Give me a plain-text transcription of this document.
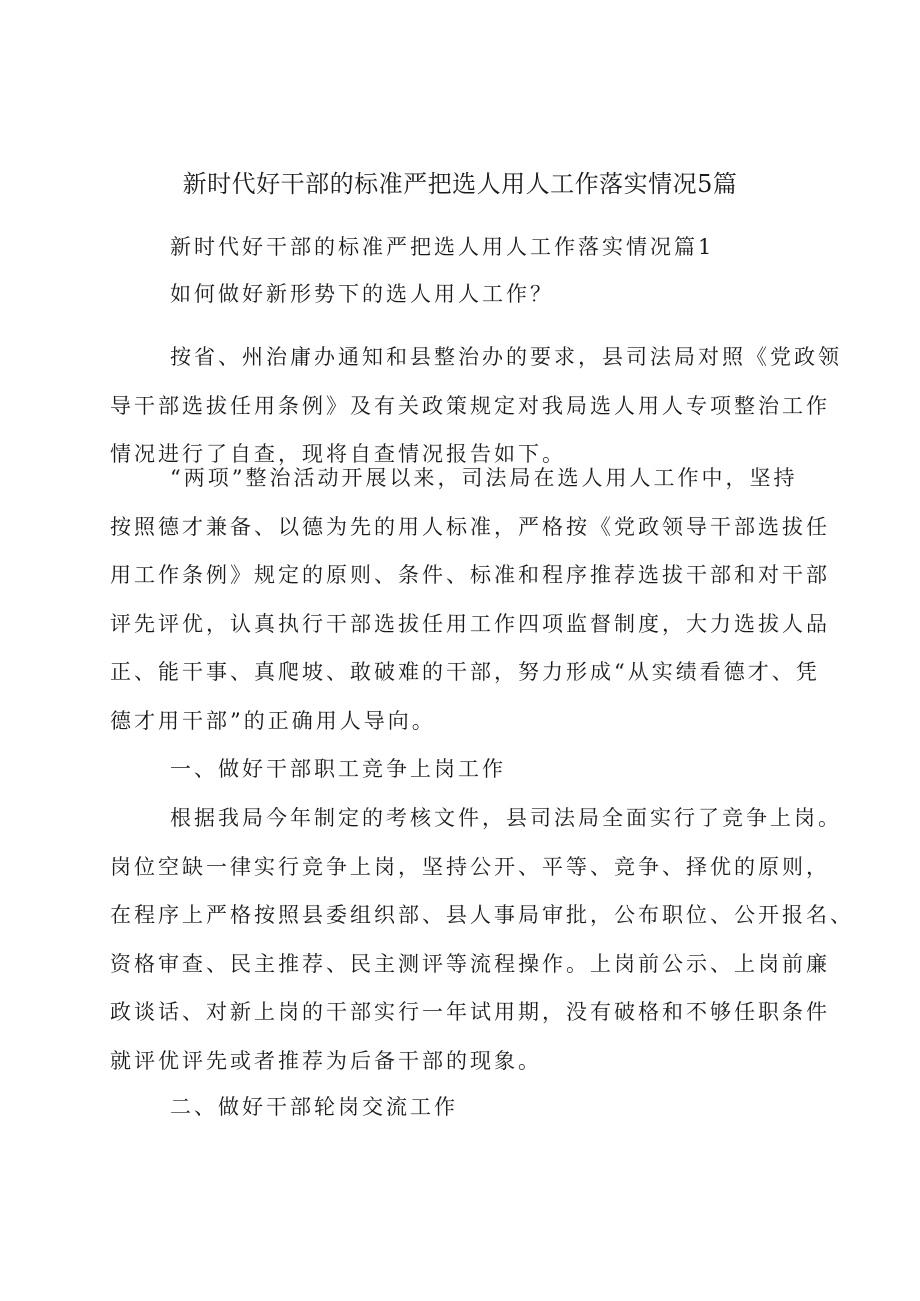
新时代好干部的标准严把选人用人工作落实情况5篇

新时代好干部的标准严把选人用人工作落实情况篇1

如何做好新形势下的选人用人工作？

按省、州治庸办通知和县整治办的要求，县司法局对照《党政领
导干部选拔任用条例》及有关政策规定对我局选人用人专项整治工作
情况进行了自查，现将自查情况报告如下。

“两项”整治活动开展以来，司法局在选人用人工作中，坚持
按照德才兼备、以德为先的用人标准，严格按《党政领导干部选拔任
用工作条例》规定的原则、条件、标准和程序推荐选拔干部和对干部
评先评优，认真执行干部选拔任用工作四项监督制度，大力选拔人品
正、能干事、真爬坡、敢破难的干部，努力形成“从实绩看德才、凭
德才用干部”的正确用人导向。

一、做好干部职工竞争上岗工作

根据我局今年制定的考核文件，县司法局全面实行了竞争上岗。
岗位空缺一律实行竞争上岗，坚持公开、平等、竞争、择优的原则，
在程序上严格按照县委组织部、县人事局审批，公布职位、公开报名、
资格审查、民主推荐、民主测评等流程操作。上岗前公示、上岗前廉
政谈话、对新上岗的干部实行一年试用期，没有破格和不够任职条件
就评优评先或者推荐为后备干部的现象。

二、做好干部轮岗交流工作
